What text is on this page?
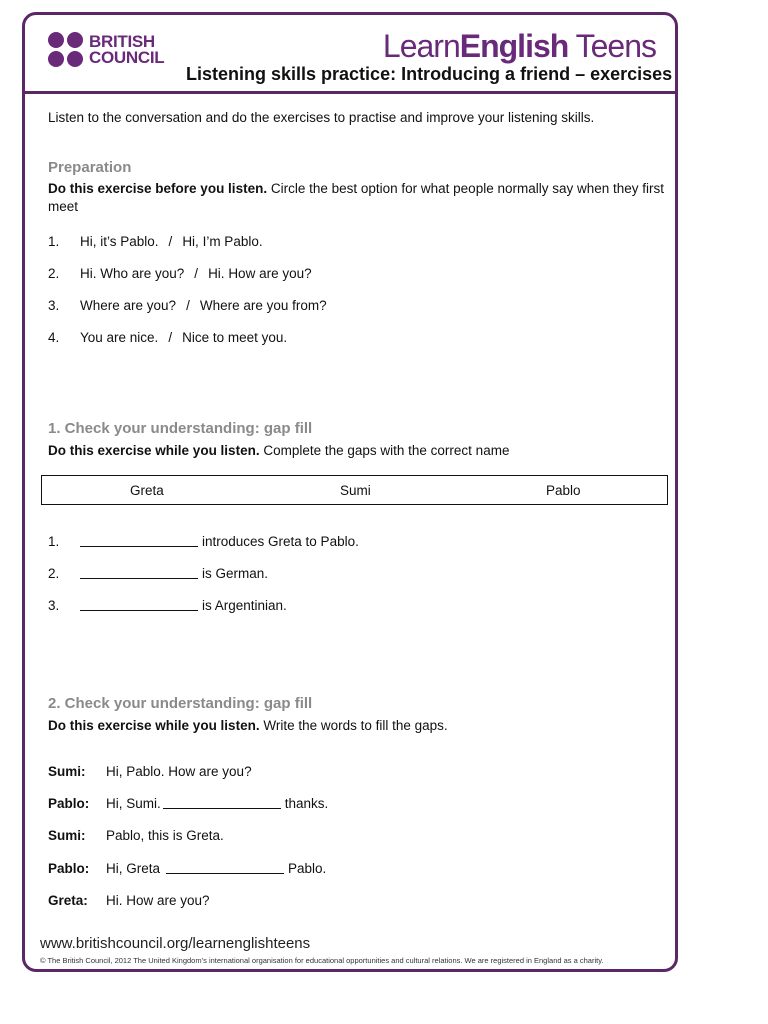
BRITISH
COUNCIL	LearnEnglish Teens
Listening skills practice: Introducing a friend – exercises
Listen to the conversation and do the exercises to practise and improve your listening skills.
Preparation
Do this exercise before you listen. Circle the best option for what people normally say when they first meet
1.	Hi, it’s Pablo. / Hi, I’m Pablo.
2.	Hi. Who are you? / Hi. How are you?
3.	Where are you? / Where are you from?
4.	You are nice. / Nice to meet you.
1. Check your understanding: gap fill
Do this exercise while you listen. Complete the gaps with the correct name
Greta	Sumi	Pablo
1.	introduces Greta to Pablo.
2.	is German.
3.	is Argentinian.
2. Check your understanding: gap fill
Do this exercise while you listen. Write the words to fill the gaps.
Sumi:	Hi, Pablo. How are you?
Pablo:	Hi, Sumi.	thanks.
Sumi:	Pablo, this is Greta.
Pablo:	Hi, Greta	Pablo.
Greta:	Hi. How are you?
www.britishcouncil.org/learnenglishteens
© The British Council, 2012 The United Kingdom’s international organisation for educational opportunities and cultural relations. We are registered in England as a charity.
